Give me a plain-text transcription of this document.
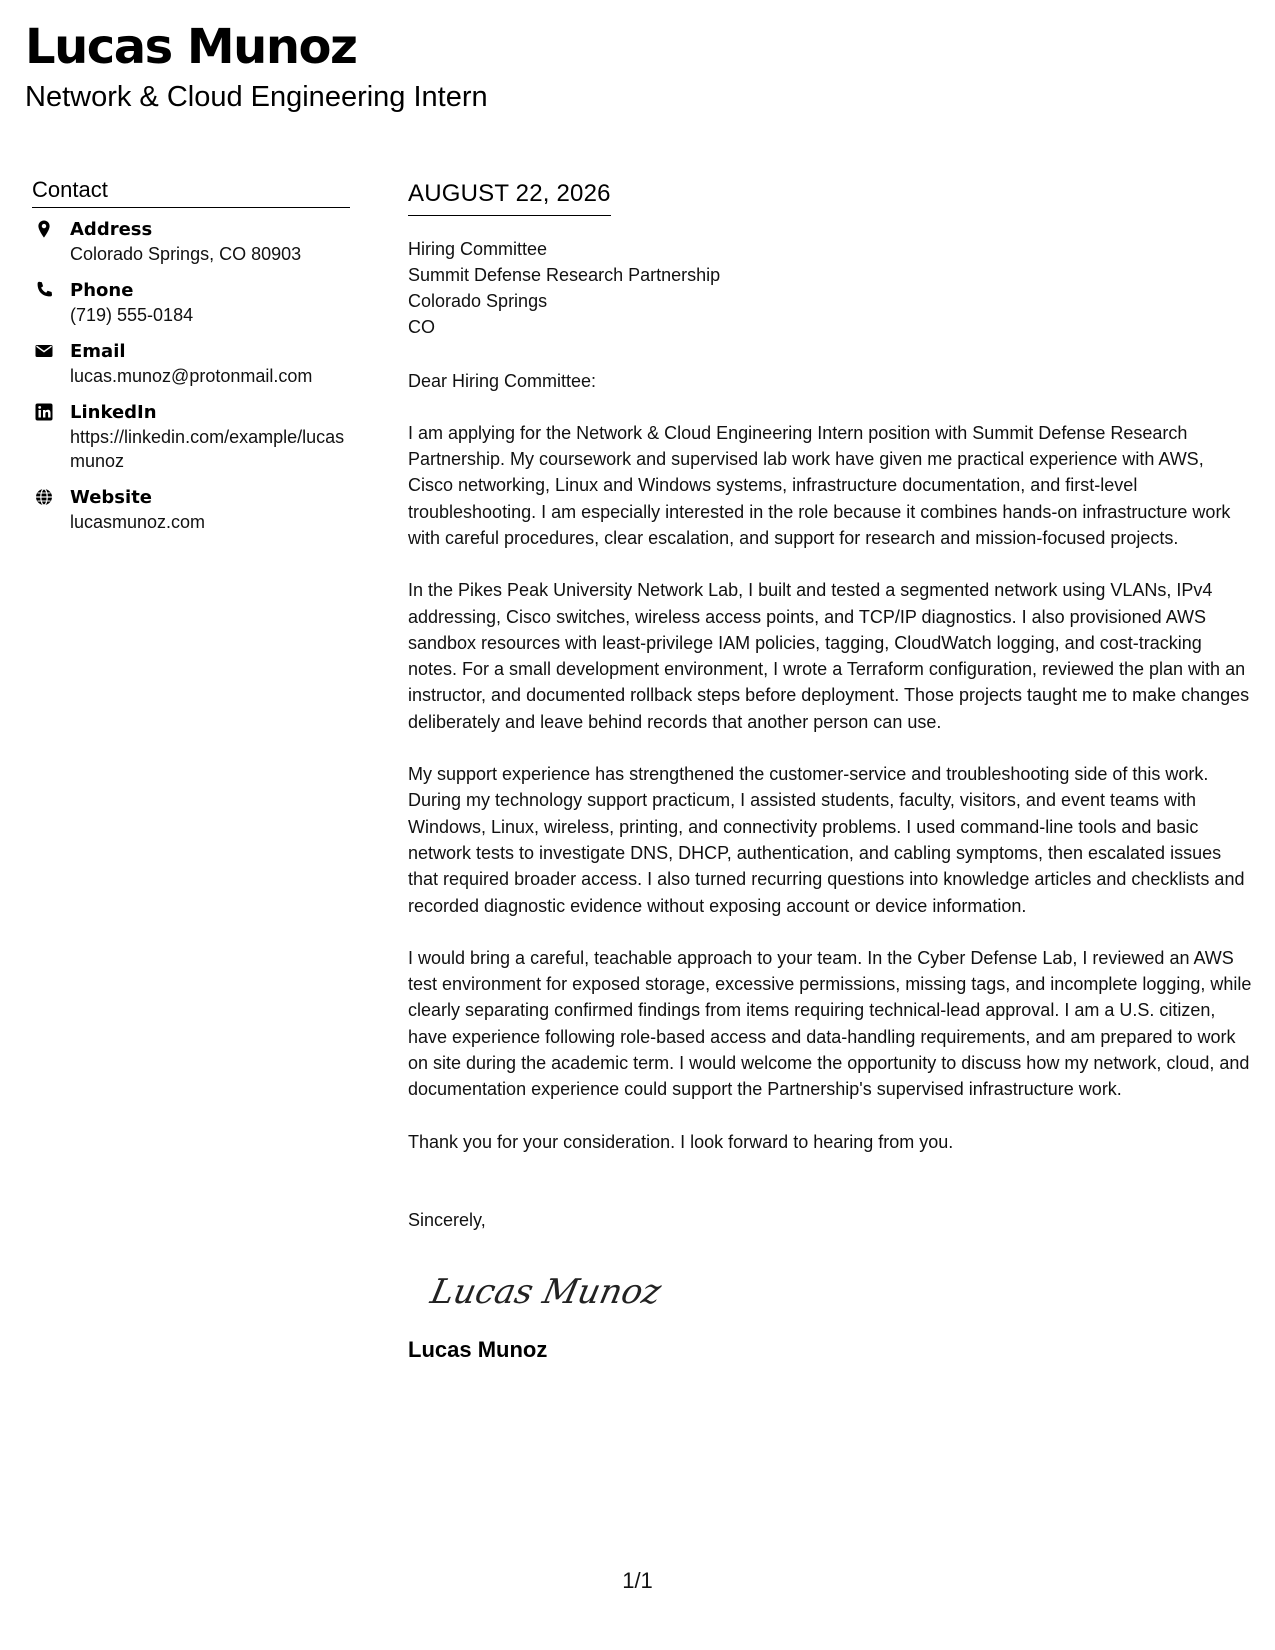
Lucas Munoz
Network & Cloud Engineering Intern
Contact
Address
Colorado Springs, CO 80903
Phone
(719) 555-0184
Email
lucas.munoz@protonmail.com
LinkedIn
https://linkedin.com/example/lucasmunoz
Website
lucasmunoz.com
AUGUST 22, 2026
Hiring Committee
Summit Defense Research Partnership
Colorado Springs
CO
Dear Hiring Committee:
I am applying for the Network & Cloud Engineering Intern position with Summit Defense Research Partnership. My coursework and supervised lab work have given me practical experience with AWS, Cisco networking, Linux and Windows systems, infrastructure documentation, and first-level troubleshooting. I am especially interested in the role because it combines hands-on infrastructure work with careful procedures, clear escalation, and support for research and mission-focused projects.
In the Pikes Peak University Network Lab, I built and tested a segmented network using VLANs, IPv4 addressing, Cisco switches, wireless access points, and TCP/IP diagnostics. I also provisioned AWS sandbox resources with least-privilege IAM policies, tagging, CloudWatch logging, and cost-tracking notes. For a small development environment, I wrote a Terraform configuration, reviewed the plan with an instructor, and documented rollback steps before deployment. Those projects taught me to make changes deliberately and leave behind records that another person can use.
My support experience has strengthened the customer-service and troubleshooting side of this work. During my technology support practicum, I assisted students, faculty, visitors, and event teams with Windows, Linux, wireless, printing, and connectivity problems. I used command-line tools and basic network tests to investigate DNS, DHCP, authentication, and cabling symptoms, then escalated issues that required broader access. I also turned recurring questions into knowledge articles and checklists and recorded diagnostic evidence without exposing account or device information.
I would bring a careful, teachable approach to your team. In the Cyber Defense Lab, I reviewed an AWS test environment for exposed storage, excessive permissions, missing tags, and incomplete logging, while clearly separating confirmed findings from items requiring technical-lead approval. I am a U.S. citizen, have experience following role-based access and data-handling requirements, and am prepared to work on site during the academic term. I would welcome the opportunity to discuss how my network, cloud, and documentation experience could support the Partnership's supervised infrastructure work.
Thank you for your consideration. I look forward to hearing from you.
Sincerely,
Lucas Munoz
Lucas Munoz
1/1
